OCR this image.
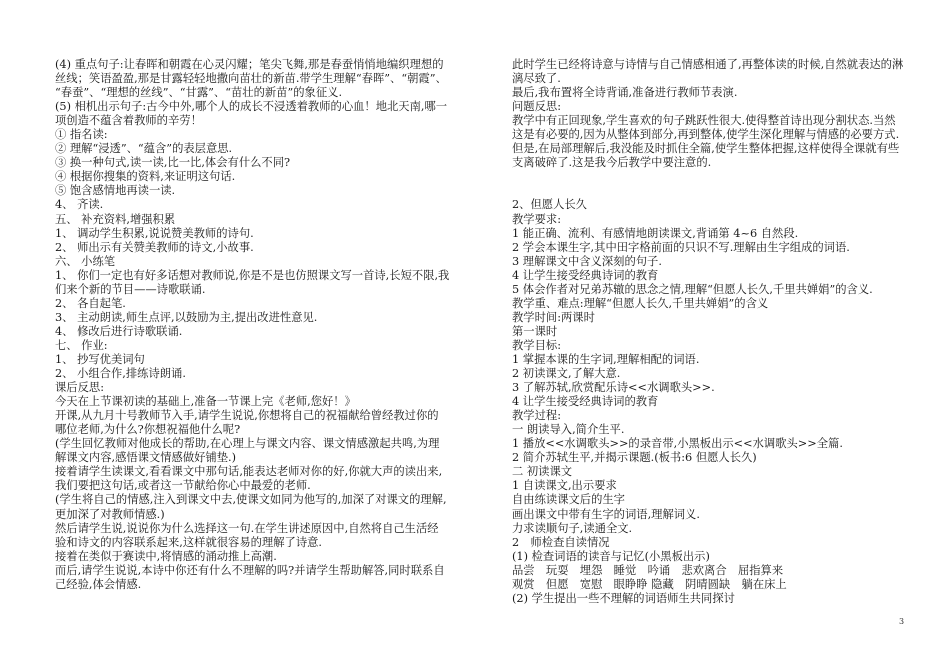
(4) 重点句子:让春晖和朝霞在心灵闪耀；笔尖飞舞,那是春蚕悄悄地编织理想的
丝线；笑语盈盈,那是甘露轻轻地撒向苗壮的新苗.带学生理解“春晖”、“朝霞”、
“春蚕”、“理想的丝线”、“甘露”、“苗壮的新苗”的象征义.
(5) 相机出示句子:古今中外,哪个人的成长不浸透着教师的心血！地北天南,哪一
项创造不蕴含着教师的辛劳！
① 指名读:
② 理解“浸透”、“蕴含”的表层意思.
③ 换一种句式,读一读,比一比,体会有什么不同?
④ 根据你搜集的资料,来证明这句话.
⑤ 饱含感情地再读一读.
4、 齐读.
五、 补充资料,增强积累
1、 调动学生积累,说说赞美教师的诗句.
2、 师出示有关赞美教师的诗文,小故事.
六、 小练笔
1、 你们一定也有好多话想对教师说,你是不是也仿照课文写一首诗,长短不限,我
们来个新的节目——诗歌联诵.
2、 各自起笔.
3、 主动朗读,师生点评,以鼓励为主,提出改进性意见.
4、 修改后进行诗歌联诵.
七、 作业:
1、 抄写优美词句
2、 小组合作,排练诗朗诵.
课后反思:
今天在上节课初读的基础上,准备一节课上完《老师,您好！》
开课,从九月十号教师节入手,请学生说说,你想将自己的祝福献给曾经教过你的
哪位老师,为什么?你想祝福他什么呢?
(学生回忆教师对他成长的帮助,在心理上与课文内容、课文情感激起共鸣,为理
解课文内容,感悟课文情感做好铺垫.)
接着请学生读课文,看看课文中那句话,能表达老师对你的好,你就大声的读出来,
我们要把这句话,或者这一节献给你心中最爱的老师.
(学生将自己的情感,注入到课文中去,使课文如同为他写的,加深了对课文的理解,
更加深了对教师情感.)
然后请学生说,说说你为什么选择这一句.在学生讲述原因中,自然将自己生活经
验和诗文的内容联系起来,这样就很容易的理解了诗意.
接着在类似于赛读中,将情感的涌动推上高潮.
而后,请学生说说,本诗中你还有什么不理解的吗?并请学生帮助解答,同时联系自
己经验,体会情感.
此时学生已经将诗意与诗情与自己情感相通了,再整体读的时候,自然就表达的淋
漓尽致了.
最后,我布置将全诗背诵,准备进行教师节表演.
问题反思:
教学中有正回现象,学生喜欢的句子跳跃性很大.使得整首诗出现分割状态.当然
这是有必要的,因为从整体到部分,再到整体,使学生深化理解与情感的必要方式.
但是,在局部理解后,我没能及时抓住全篇,使学生整体把握,这样使得全课就有些
支离破碎了.这是我今后教学中要注意的.
2、但愿人长久
教学要求:
1 能正确、流利、有感情地朗读课文,背诵第 4~6 自然段.
2 学会本课生字,其中田字格前面的只识不写.理解由生字组成的词语.
3 理解课文中含义深刻的句子.
4 让学生接受经典诗词的教育
5 体会作者对兄弟苏辙的思念之情,理解“但愿人长久,千里共婵娟”的含义.
教学重、难点:理解“但愿人长久,千里共婵娟”的含义
教学时间:两课时
第一课时
教学目标:
1 掌握本课的生字词,理解相配的词语.
2 初读课文,了解大意.
3 了解苏轼,欣赏配乐诗<<水调歌头>>.
4 让学生接受经典诗词的教育
教学过程:
一 朗读导入,简介生平.
1 播放<<水调歌头>>的录音带,小黑板出示<<水调歌头>>全篇.
2 简介苏轼生平,并揭示课题.(板书:6 但愿人长久)
二 初读课文
1 自读课文,出示要求
自由练读课文后的生字
画出课文中带有生字的词语,理解词义.
力求读顺句子,读通全文.
2　师检查自读情况
(1) 检查词语的读音与记忆(小黑板出示)
品尝　玩耍　埋怨　睡觉　吟诵　悲欢离合　屈指算来
观赏　但愿　宽慰　眼睁睁 隐藏　阴晴圆缺　躺在床上
(2) 学生提出一些不理解的词语师生共同探讨
3
